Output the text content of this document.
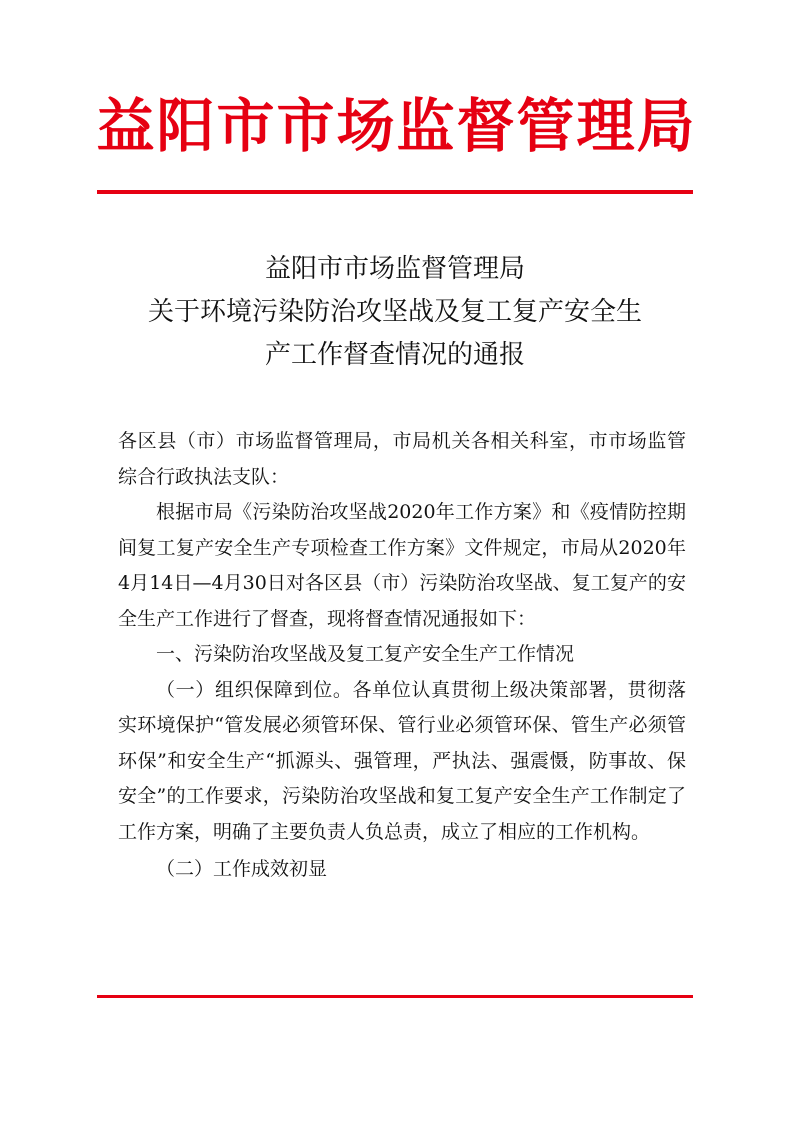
益阳市市场监督管理局
益阳市市场监督管理局
关于环境污染防治攻坚战及复工复产安全生
产工作督查情况的通报

各区县（市）市场监督管理局，市局机关各相关科室，市市场监管综合行政执法支队：

根据市局《污染防治攻坚战2020年工作方案》和《疫情防控期间复工复产安全生产专项检查工作方案》文件规定，市局从2020年4月14日—4月30日对各区县（市）污染防治攻坚战、复工复产的安全生产工作进行了督查，现将督查情况通报如下：

一、污染防治攻坚战及复工复产安全生产工作情况

（一）组织保障到位。各单位认真贯彻上级决策部署，贯彻落实环境保护“管发展必须管环保、管行业必须管环保、管生产必须管环保”和安全生产“抓源头、强管理，严执法、强震慑，防事故、保安全”的工作要求，污染防治攻坚战和复工复产安全生产工作制定了工作方案，明确了主要负责人负总责，成立了相应的工作机构。

（二）工作成效初显
